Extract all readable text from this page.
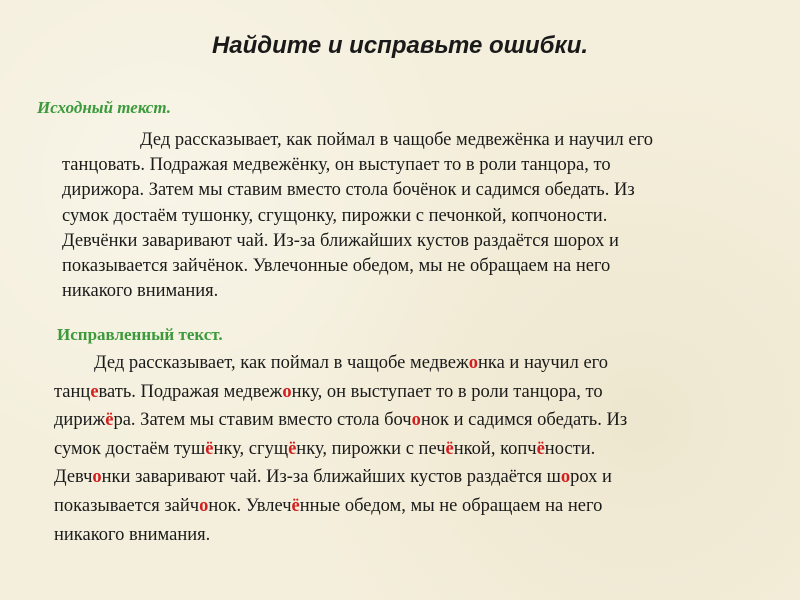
Найдите и исправьте ошибки.
Исходный текст.
Дед рассказывает, как поймал в чащобе медвежёнка и научил его
танцовать. Подражая медвежёнку, он выступает то в роли танцора, то
дирижора. Затем мы ставим вместо стола бочёнок и садимся обедать. Из
сумок достаём тушонку, сгущонку, пирожки с печонкой, копчоности.
Девчёнки заваривают чай. Из-за ближайших кустов раздаётся шорох и
показывается зайчёнок. Увлечонные обедом, мы не обращаем на него
никакого внимания.
Исправленный текст.
Дед рассказывает, как поймал в чащобе медвежонка и научил его
танцевать. Подражая медвежонку, он выступает то в роли танцора, то
дирижёра. Затем мы ставим вместо стола бочонок и садимся обедать. Из
сумок достаём тушёнку, сгущёнку, пирожки с печёнкой, копчёности.
Девчонки заваривают чай. Из-за ближайших кустов раздаётся шорох и
показывается зайчонок. Увлечённые обедом, мы не обращаем на него
никакого внимания.
